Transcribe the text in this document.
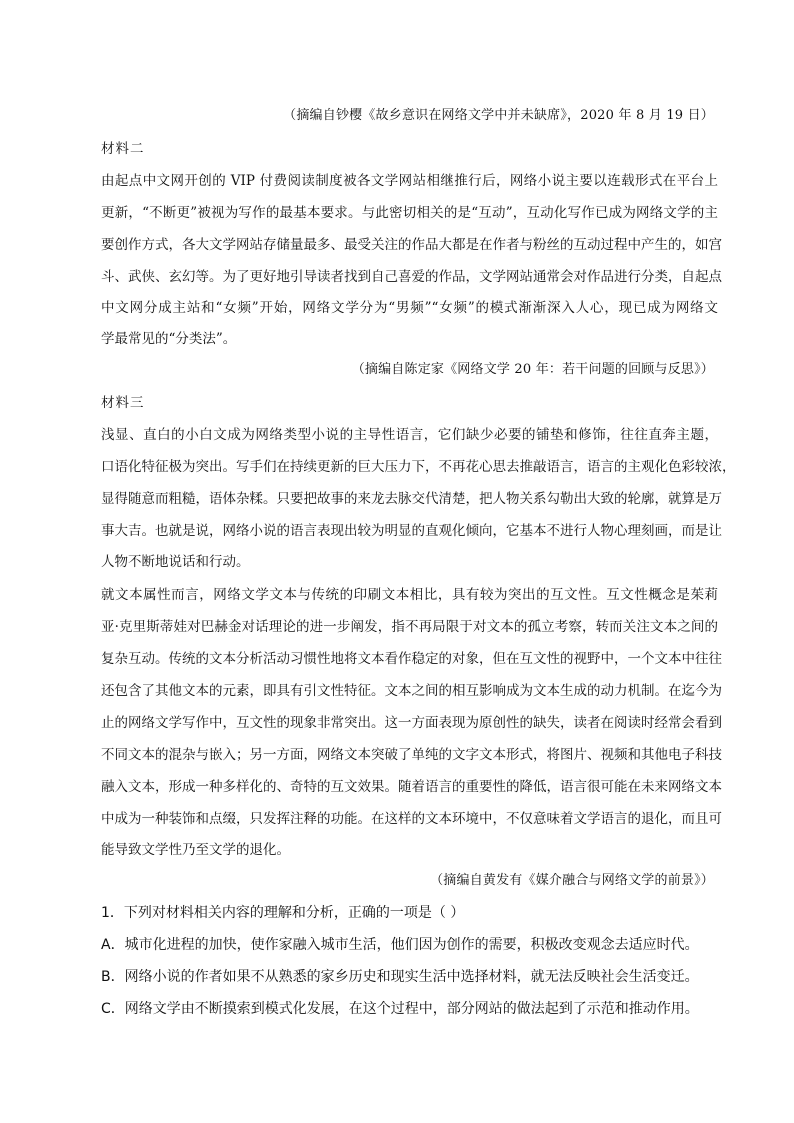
（摘编自钞樱《故乡意识在网络文学中并未缺席》，2020 年 8 月 19 日）
材料二
由起点中文网开创的 VIP 付费阅读制度被各文学网站相继推行后，网络小说主要以连载形式在平台上
更新，“不断更”被视为写作的最基本要求。与此密切相关的是“互动”，互动化写作已成为网络文学的主
要创作方式，各大文学网站存储量最多、最受关注的作品大都是在作者与粉丝的互动过程中产生的，如宫
斗、武侠、玄幻等。为了更好地引导读者找到自己喜爱的作品，文学网站通常会对作品进行分类，自起点
中文网分成主站和“女频”开始，网络文学分为“男频”“女频”的模式渐渐深入人心，现已成为网络文
学最常见的“分类法”。
（摘编自陈定家《网络文学 20 年：若干问题的回顾与反思》）
材料三
浅显、直白的小白文成为网络类型小说的主导性语言，它们缺少必要的铺垫和修饰，往往直奔主题，
口语化特征极为突出。写手们在持续更新的巨大压力下，不再花心思去推敲语言，语言的主观化色彩较浓，
显得随意而粗糙，语体杂糅。只要把故事的来龙去脉交代清楚，把人物关系勾勒出大致的轮廓，就算是万
事大吉。也就是说，网络小说的语言表现出较为明显的直观化倾向，它基本不进行人物心理刻画，而是让
人物不断地说话和行动。
就文本属性而言，网络文学文本与传统的印刷文本相比，具有较为突出的互文性。互文性概念是茱莉
亚·克里斯蒂娃对巴赫金对话理论的进一步阐发，指不再局限于对文本的孤立考察，转而关注文本之间的
复杂互动。传统的文本分析活动习惯性地将文本看作稳定的对象，但在互文性的视野中，一个文本中往往
还包含了其他文本的元素，即具有引文性特征。文本之间的相互影响成为文本生成的动力机制。在迄今为
止的网络文学写作中，互文性的现象非常突出。这一方面表现为原创性的缺失，读者在阅读时经常会看到
不同文本的混杂与嵌入；另一方面，网络文本突破了单纯的文字文本形式，将图片、视频和其他电子科技
融入文本，形成一种多样化的、奇特的互文效果。随着语言的重要性的降低，语言很可能在未来网络文本
中成为一种装饰和点缀，只发挥注释的功能。在这样的文本环境中，不仅意味着文学语言的退化，而且可
能导致文学性乃至文学的退化。
（摘编自黄发有《媒介融合与网络文学的前景》）
1．下列对材料相关内容的理解和分析，正确的一项是（ ）
A．城市化进程的加快，使作家融入城市生活，他们因为创作的需要，积极改变观念去适应时代。
B．网络小说的作者如果不从熟悉的家乡历史和现实生活中选择材料，就无法反映社会生活变迁。
C．网络文学由不断摸索到模式化发展，在这个过程中，部分网站的做法起到了示范和推动作用。
